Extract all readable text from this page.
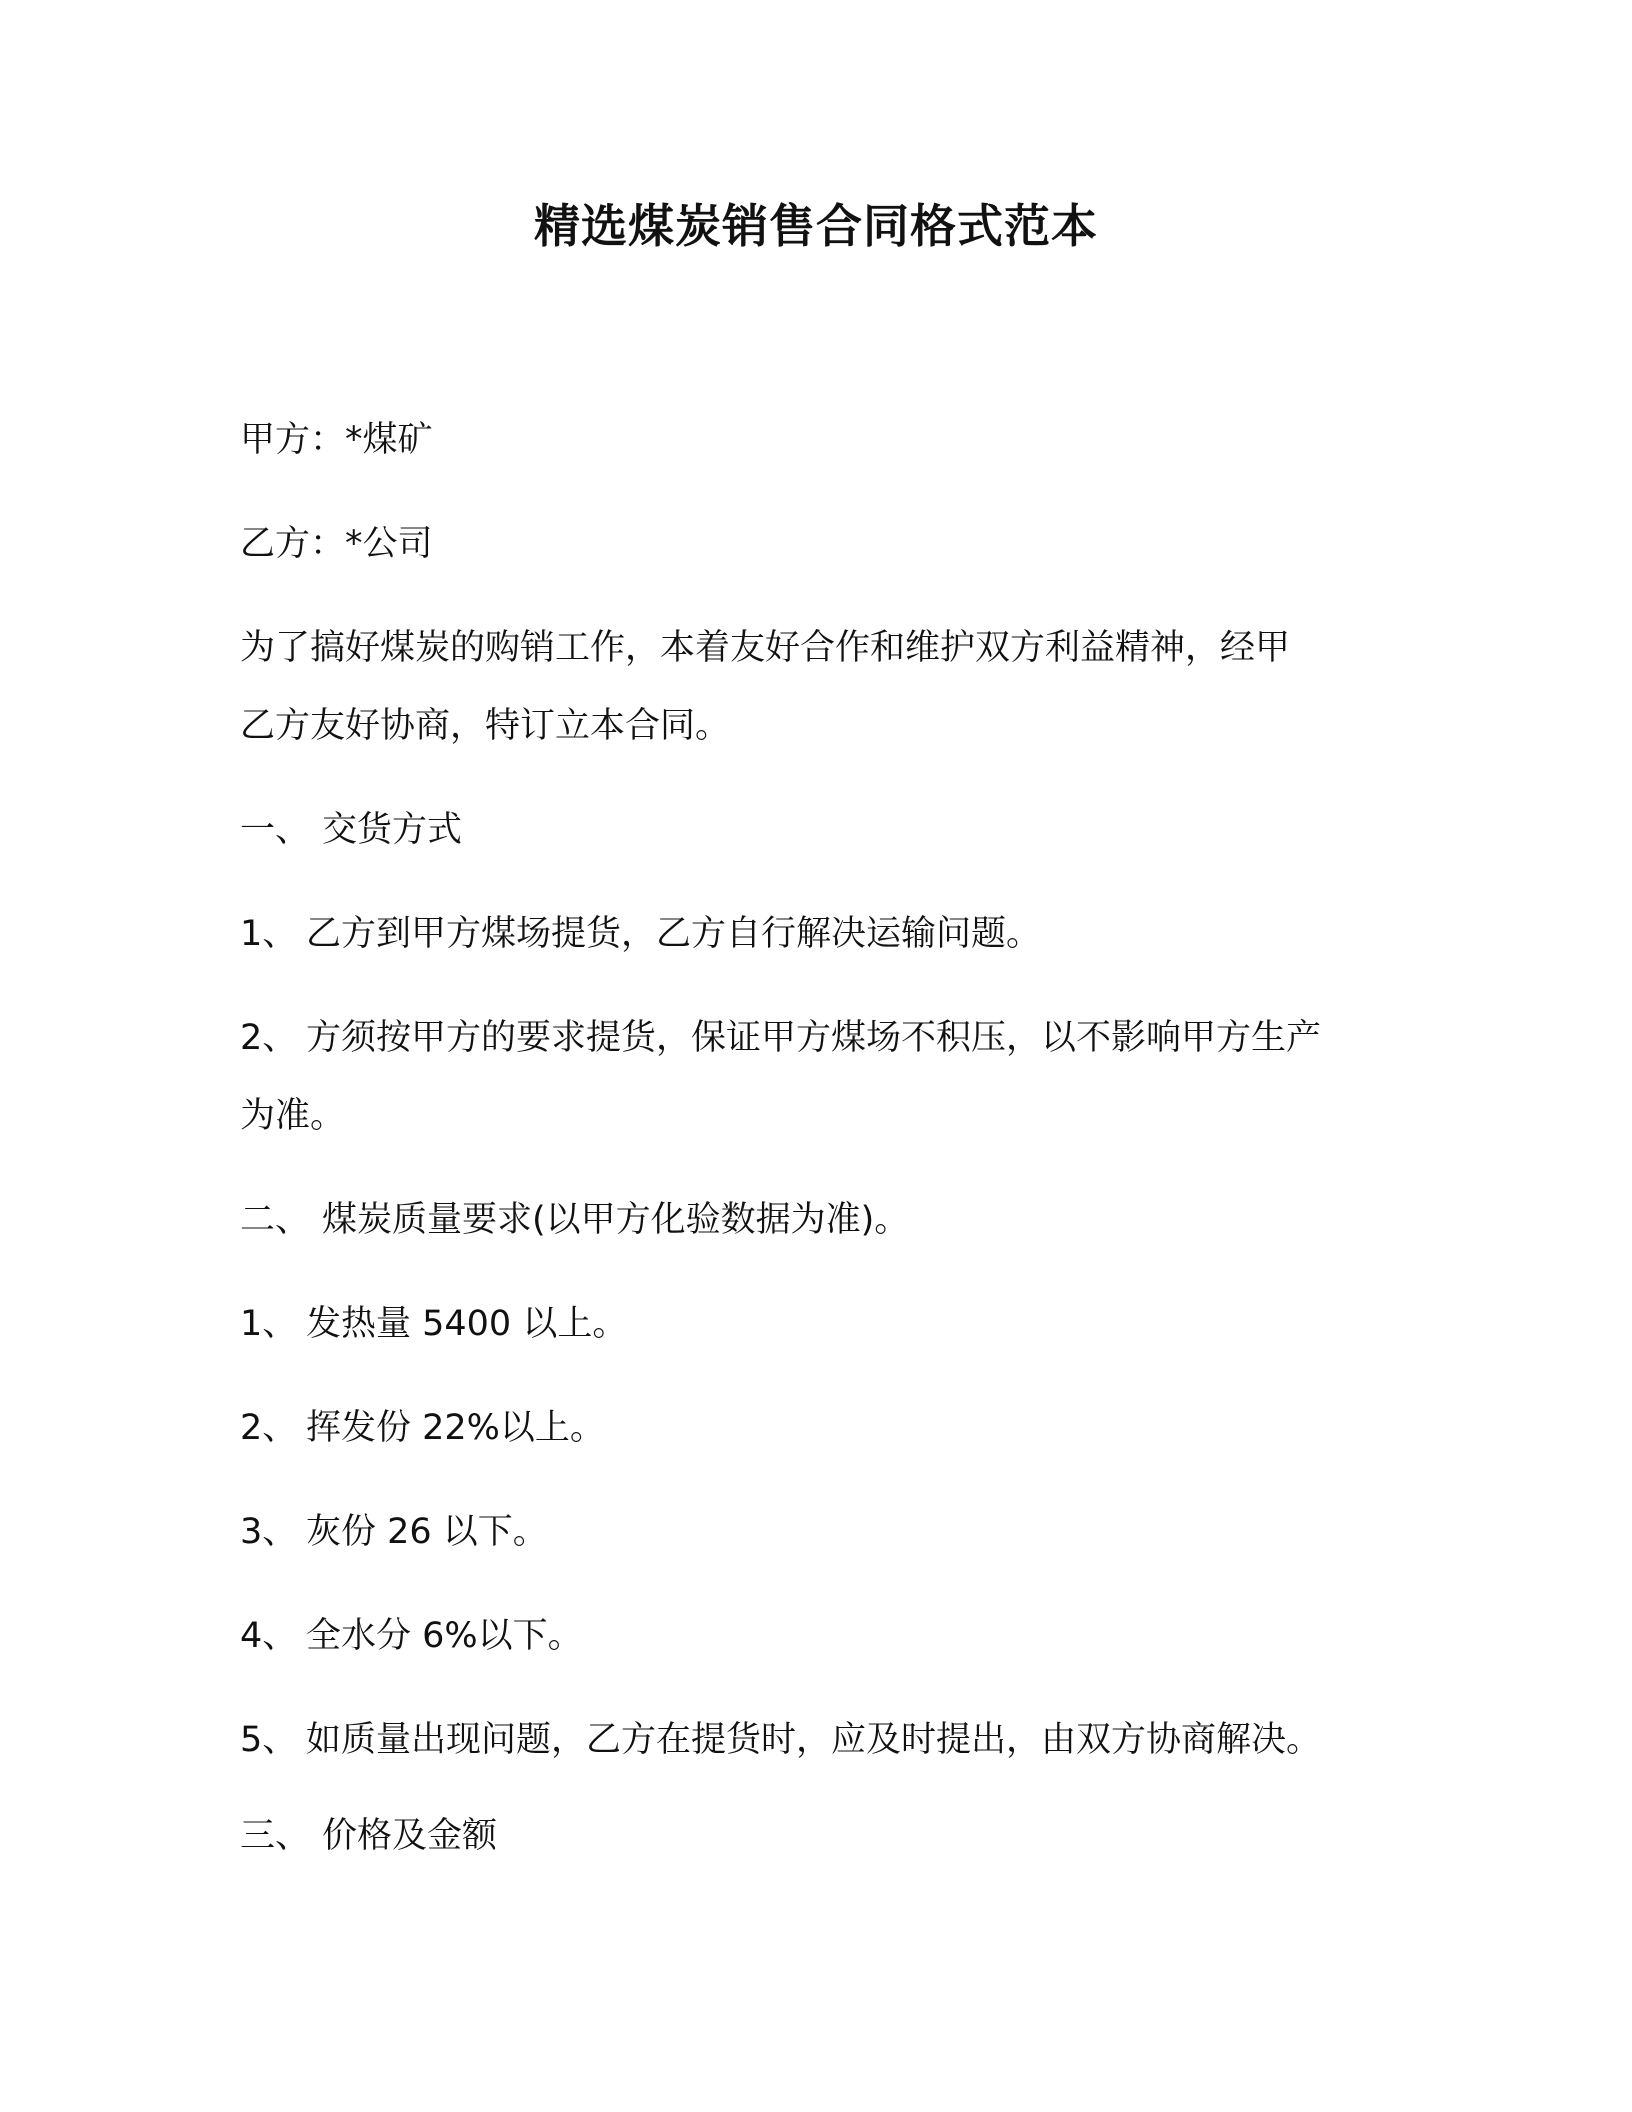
精选煤炭销售合同格式范本
甲方：*煤矿
乙方：*公司
为了搞好煤炭的购销工作，本着友好合作和维护双方利益精神，经甲
乙方友好协商，特订立本合同。
一、 交货方式
1、 乙方到甲方煤场提货，乙方自行解决运输问题。
2、 方须按甲方的要求提货，保证甲方煤场不积压，以不影响甲方生产
为准。
二、 煤炭质量要求(以甲方化验数据为准)。
1、 发热量 5400 以上。
2、 挥发份 22%以上。
3、 灰份 26 以下。
4、 全水分 6%以下。
5、 如质量出现问题，乙方在提货时，应及时提出，由双方协商解决。
三、 价格及金额
